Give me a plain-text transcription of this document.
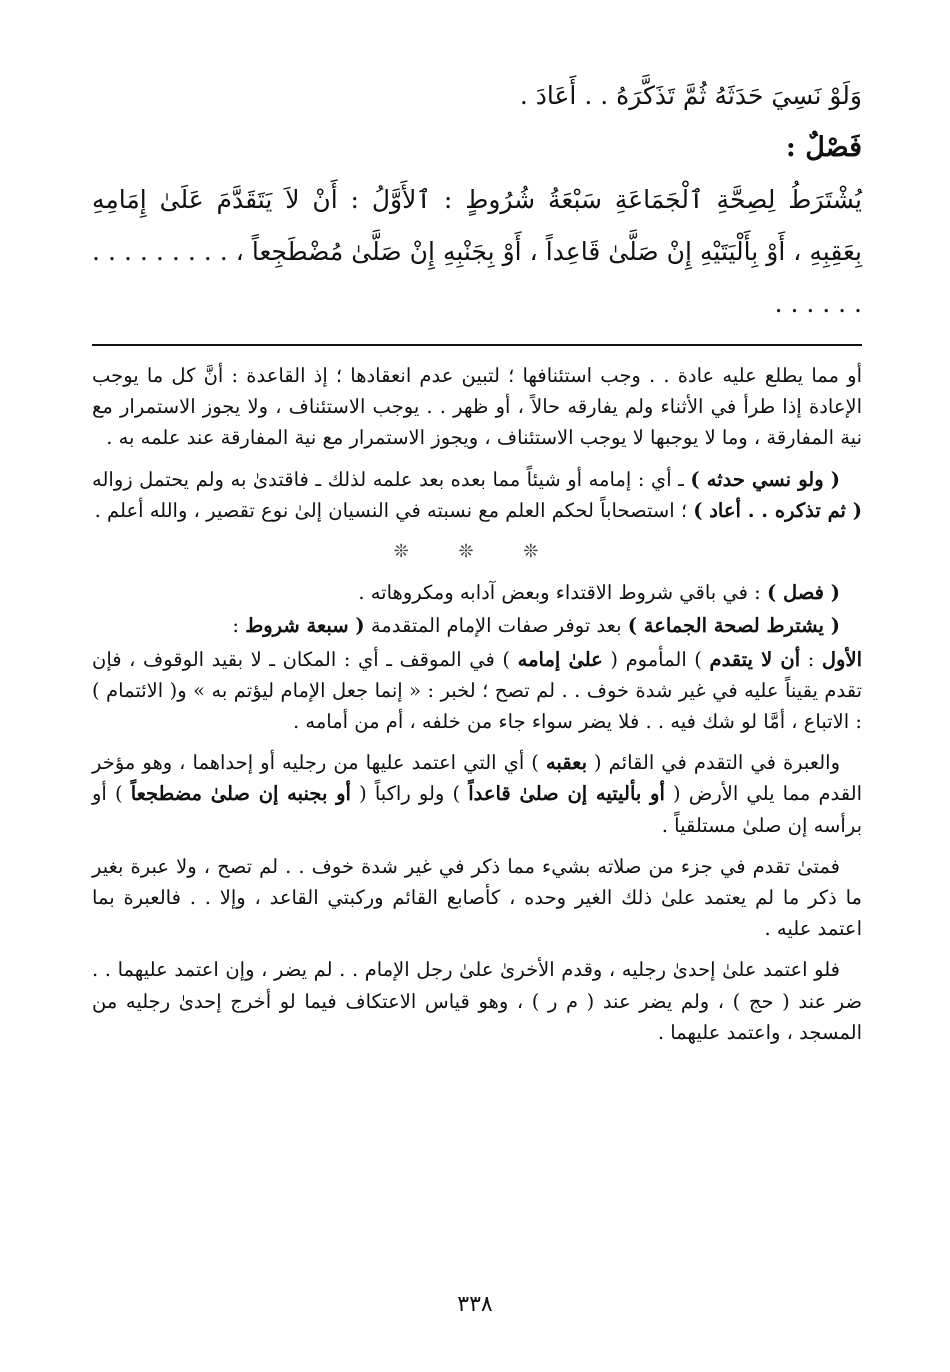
وَلَوْ نَسِيَ حَدَثَهُ ثُمَّ تَذَكَّرَهُ . . أَعَادَ .

فَصْلٌ :

يُشْتَرَطُ لِصِحَّةِ ٱلْجَمَاعَةِ سَبْعَةُ شُرُوطٍ : ٱلأَوَّلُ : أَنْ لاَ يَتَقَدَّمَ عَلَىٰ إِمَامِهِ بِعَقِبِهِ ، أَوْ بِأَلْيَتَيْهِ إِنْ صَلَّىٰ قَاعِداً ، أَوْ بِجَنْبِهِ إِنْ صَلَّىٰ مُضْطَجِعاً ، . . . . . . . . . . . . . . .

أو مما يطلع عليه عادة . . وجب استئنافها ؛ لتبين عدم انعقادها ؛ إذ القاعدة : أنَّ كل ما يوجب الإعادة إذا طرأ في الأثناء ولم يفارقه حالاً ، أو ظهر . . يوجب الاستئناف ، ولا يجوز الاستمرار مع نية المفارقة ، وما لا يوجبها لا يوجب الاستئناف ، ويجوز الاستمرار مع نية المفارقة عند علمه به .

( ولو نسي حدثه ) ـ أي : إمامه أو شيئاً مما بعده بعد علمه لذلك ـ فاقتدىٰ به ولم يحتمل زواله ( ثم تذكره . . أعاد ) ؛ استصحاباً لحكم العلم مع نسبته في النسيان إلىٰ نوع تقصير ، والله أعلم .

❊ ❊ ❊

( فصل ) : في باقي شروط الاقتداء وبعض آدابه ومكروهاته .

( يشترط لصحة الجماعة ) بعد توفر صفات الإمام المتقدمة ( سبعة شروط :

الأول : أن لا يتقدم ) المأموم ( علىٰ إمامه ) في الموقف ـ أي : المكان ـ لا بقيد الوقوف ، فإن تقدم يقيناً عليه في غير شدة خوف . . لم تصح ؛ لخبر : « إنما جعل الإمام ليؤتم به » و( الائتمام ) : الاتباع ، أمَّا لو شك فيه . . فلا يضر سواء جاء من خلفه ، أم من أمامه .

والعبرة في التقدم في القائم ( بعقبه ) أي التي اعتمد عليها من رجليه أو إحداهما ، وهو مؤخر القدم مما يلي الأرض ( أو بأليتيه إن صلىٰ قاعداً ) ولو راكباً ( أو بجنبه إن صلىٰ مضطجعاً ) أو برأسه إن صلىٰ مستلقياً .

فمتىٰ تقدم في جزء من صلاته بشيء مما ذكر في غير شدة خوف . . لم تصح ، ولا عبرة بغير ما ذكر ما لم يعتمد علىٰ ذلك الغير وحده ، كأصابع القائم وركبتي القاعد ، وإلا . . فالعبرة بما اعتمد عليه .

فلو اعتمد علىٰ إحدىٰ رجليه ، وقدم الأخرىٰ علىٰ رجل الإمام . . لم يضر ، وإن اعتمد عليهما . . ضر عند ( حج ) ، ولم يضر عند ( م ر ) ، وهو قياس الاعتكاف فيما لو أخرج إحدىٰ رجليه من المسجد ، واعتمد عليهما .

٣٣٨
